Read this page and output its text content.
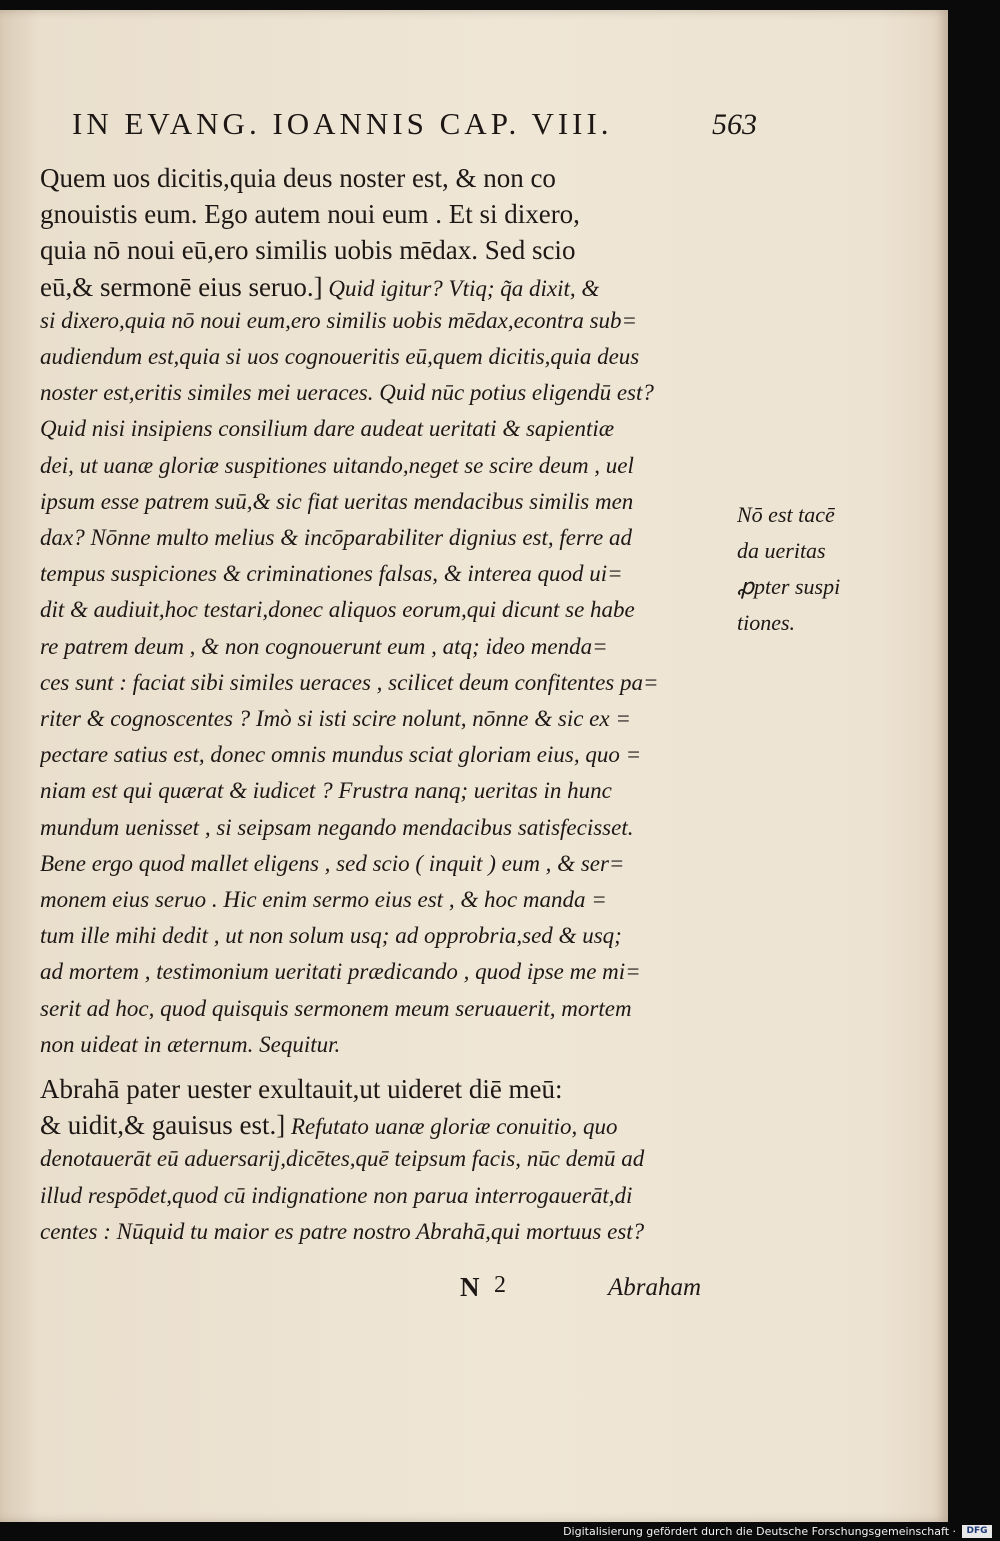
IN EVANG. IOANNIS CAP. VIII.	563
Quem uos dicitis,quia deus noster est, & non co
gnouistis eum. Ego autem noui eum . Et si dixero,
quia nō noui eū,ero similis uobis mēdax. Sed scio
eū,& sermonē eius seruo.] Quid igitur? Vtiq; q̃a dixit, &
si dixero,quia nō noui eum,ero similis uobis mēdax,econtra sub=
audiendum est,quia si uos cognoueritis eū,quem dicitis,quia deus
noster est,eritis similes mei ueraces. Quid nūc potius eligendū est?
Quid nisi insipiens consilium dare audeat ueritati & sapientiæ
dei, ut uanæ gloriæ suspitiones uitando,neget se scire deum , uel
ipsum esse patrem suū,& sic fiat ueritas mendacibus similis men
dax? Nōnne multo melius & incōparabiliter dignius est, ferre ad
tempus suspiciones & criminationes falsas, & interea quod ui=
dit & audiuit,hoc testari,donec aliquos eorum,qui dicunt se habe
re patrem deum , & non cognouerunt eum , atq; ideo menda=
ces sunt : faciat sibi similes ueraces , scilicet deum confitentes pa=
riter & cognoscentes ? Imò si isti scire nolunt, nōnne & sic ex =
pectare satius est, donec omnis mundus sciat gloriam eius, quo =
niam est qui quærat & iudicet ? Frustra nanq; ueritas in hunc
mundum uenisset , si seipsam negando mendacibus satisfecisset.
Bene ergo quod mallet eligens , sed scio ( inquit ) eum , & ser=
monem eius seruo . Hic enim sermo eius est , & hoc manda =
tum ille mihi dedit , ut non solum usq; ad opprobria,sed & usq;
ad mortem , testimonium ueritati prædicando , quod ipse me mi=
serit ad hoc, quod quisquis sermonem meum seruauerit, mortem
non uideat in æternum. Sequitur.
Abrahā pater uester exultauit,ut uideret diē meū:
& uidit,& gauisus est.] Refutato uanæ gloriæ conuitio, quo
denotauerāt eū aduersarij,dicētes,quē teipsum facis, nūc demū ad
illud respōdet,quod cū indignatione non parua interrogauerāt,di
centes : Nūquid tu maior es patre nostro Abrahā,qui mortuus est?
Nō est tacē
da ueritas
ꝓpter suspi
tiones.
N 2	Abraham
Digitalisierung gefördert durch die Deutsche Forschungsgemeinschaft ·	DFG
